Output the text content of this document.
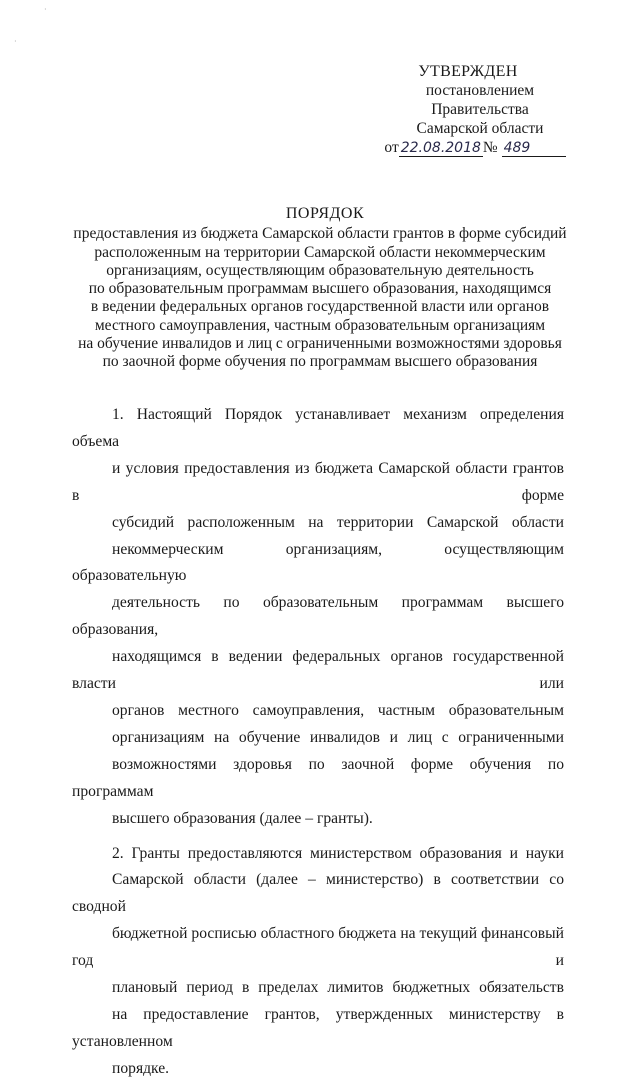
·
·
УТВЕРЖДЕН
постановлением Правительства
Самарской области
от 22.08.2018 № 489
ПОРЯДОК
предоставления из бюджета Самарской области грантов в форме субсидий
расположенным на территории Самарской области некоммерческим
организациям, осуществляющим образовательную деятельность
по образовательным программам высшего образования, находящимся
в ведении федеральных органов государственной власти или органов
местного самоуправления, частным образовательным организациям
на обучение инвалидов и лиц с ограниченными возможностями здоровья
по заочной форме обучения по программам высшего образования

1. Настоящий Порядок устанавливает механизм определения объема
и условия предоставления из бюджета Самарской области грантов в форме
субсидий расположенным на территории Самарской области
некоммерческим организациям, осуществляющим образовательную
деятельность по образовательным программам высшего образования,
находящимся в ведении федеральных органов государственной власти или
органов местного самоуправления, частным образовательным
организациям на обучение инвалидов и лиц с ограниченными
возможностями здоровья по заочной форме обучения по программам
высшего образования (далее – гранты).

2. Гранты предоставляются министерством образования и науки
Самарской области (далее – министерство) в соответствии со сводной
бюджетной росписью областного бюджета на текущий финансовый год и
плановый период в пределах лимитов бюджетных обязательств
на предоставление грантов, утвержденных министерству в установленном
порядке.
